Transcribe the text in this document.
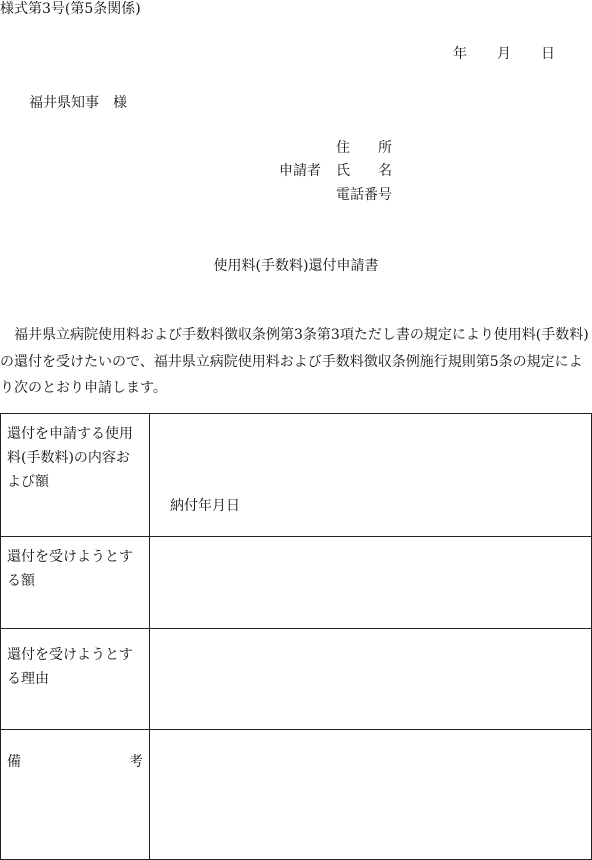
様式第3号(第5条関係)
年 月 日
福井県知事　様
住所
申請者 氏名
電話番号
使用料(手数料)還付申請書
福井県立病院使用料および手数料徴収条例第3条第3項ただし書の規定により使用料(手数料)の還付を受けたいので、福井県立病院使用料および手数料徴収条例施行規則第5条の規定により次のとおり申請します。
還付を申請する使用料(手数料)の内容および額	納付年月日

還付を受けようとする額	
還付を受けようとする理由	

備 考	
